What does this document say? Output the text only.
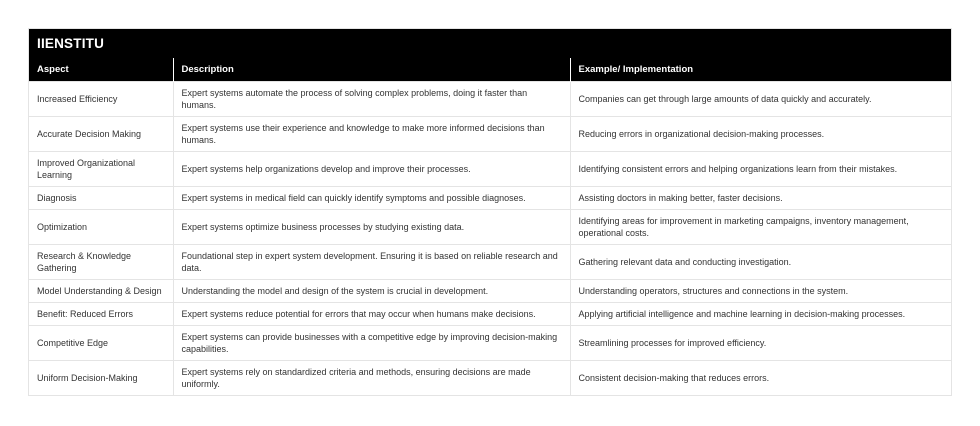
IIENSTITU
Aspect	Description	Example/ Implementation
Increased Efficiency	Expert systems automate the process of solving complex problems, doing it faster than humans.	Companies can get through large amounts of data quickly and accurately.
Accurate Decision Making	Expert systems use their experience and knowledge to make more informed decisions than humans.	Reducing errors in organizational decision-making processes.
Improved Organizational Learning	Expert systems help organizations develop and improve their processes.	Identifying consistent errors and helping organizations learn from their mistakes.
Diagnosis	Expert systems in medical field can quickly identify symptoms and possible diagnoses.	Assisting doctors in making better, faster decisions.
Optimization	Expert systems optimize business processes by studying existing data.	Identifying areas for improvement in marketing campaigns, inventory management, operational costs.
Research & Knowledge Gathering	Foundational step in expert system development. Ensuring it is based on reliable research and data.	Gathering relevant data and conducting investigation.
Model Understanding & Design	Understanding the model and design of the system is crucial in development.	Understanding operators, structures and connections in the system.
Benefit: Reduced Errors	Expert systems reduce potential for errors that may occur when humans make decisions.	Applying artificial intelligence and machine learning in decision-making processes.
Competitive Edge	Expert systems can provide businesses with a competitive edge by improving decision-making capabilities.	Streamlining processes for improved efficiency.
Uniform Decision-Making	Expert systems rely on standardized criteria and methods, ensuring decisions are made uniformly.	Consistent decision-making that reduces errors.
